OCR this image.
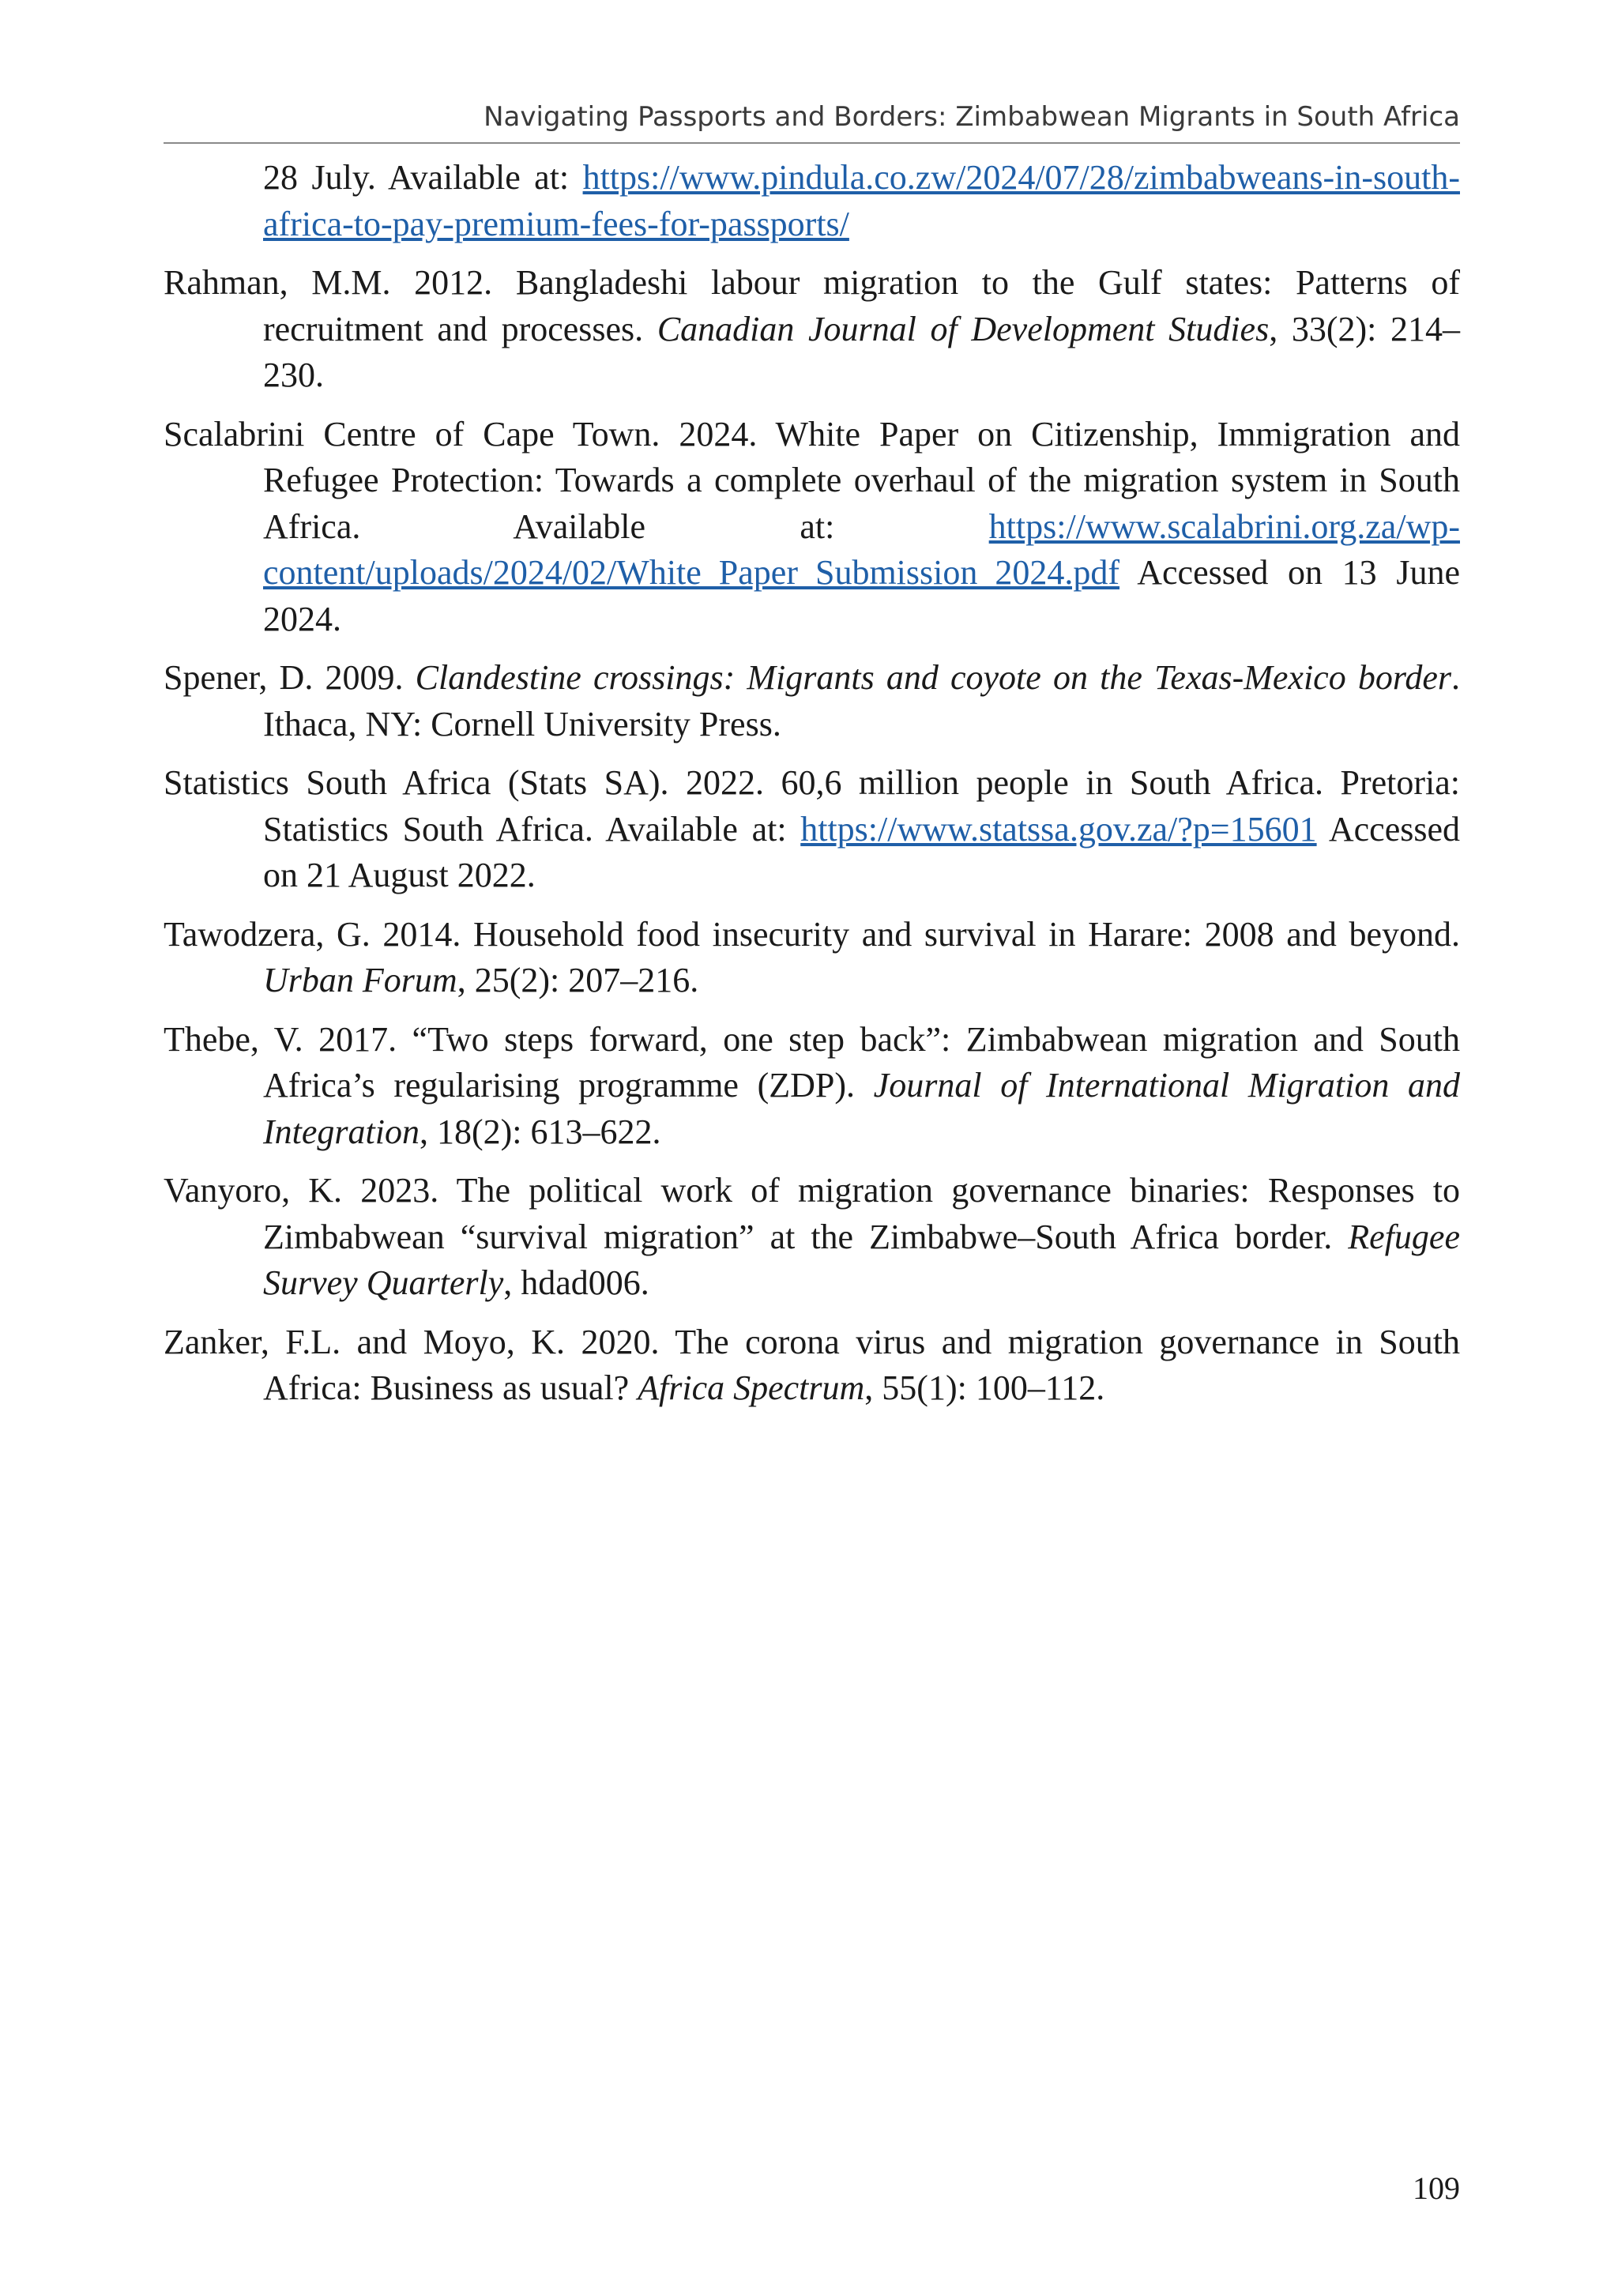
Navigating Passports and Borders: Zimbabwean Migrants in South Africa

28 July. Available at: https://www.pindula.co.zw/2024/07/28/zimbabweans-in-south-africa-to-pay-premium-fees-for-passports/

Rahman, M.M. 2012. Bangladeshi labour migration to the Gulf states: Patterns of recruitment and processes. Canadian Journal of Development Studies, 33(2): 214–230.

Scalabrini Centre of Cape Town. 2024. White Paper on Citizenship, Immigration and Refugee Protection: Towards a complete overhaul of the migration system in South Africa. Available at: https://www.scalabrini.org.za/wp-content/uploads/2024/02/White_Paper_Submission_2024.pdf Accessed on 13 June 2024.

Spener, D. 2009. Clandestine crossings: Migrants and coyote on the Texas-Mexico border. Ithaca, NY: Cornell University Press.

Statistics South Africa (Stats SA). 2022. 60,6 million people in South Africa. Pretoria: Statistics South Africa. Available at: https://www.statssa.gov.za/?p=15601 Accessed on 21 August 2022.

Tawodzera, G. 2014. Household food insecurity and survival in Harare: 2008 and beyond. Urban Forum, 25(2): 207–216.

Thebe, V. 2017. “Two steps forward, one step back”: Zimbabwean migration and South Africa’s regularising programme (ZDP). Journal of International Migration and Integration, 18(2): 613–622.

Vanyoro, K. 2023. The political work of migration governance binaries: Responses to Zimbabwean “survival migration” at the Zimbabwe–South Africa border. Refugee Survey Quarterly, hdad006.

Zanker, F.L. and Moyo, K. 2020. The corona virus and migration governance in South Africa: Business as usual? Africa Spectrum, 55(1): 100–112.

109
